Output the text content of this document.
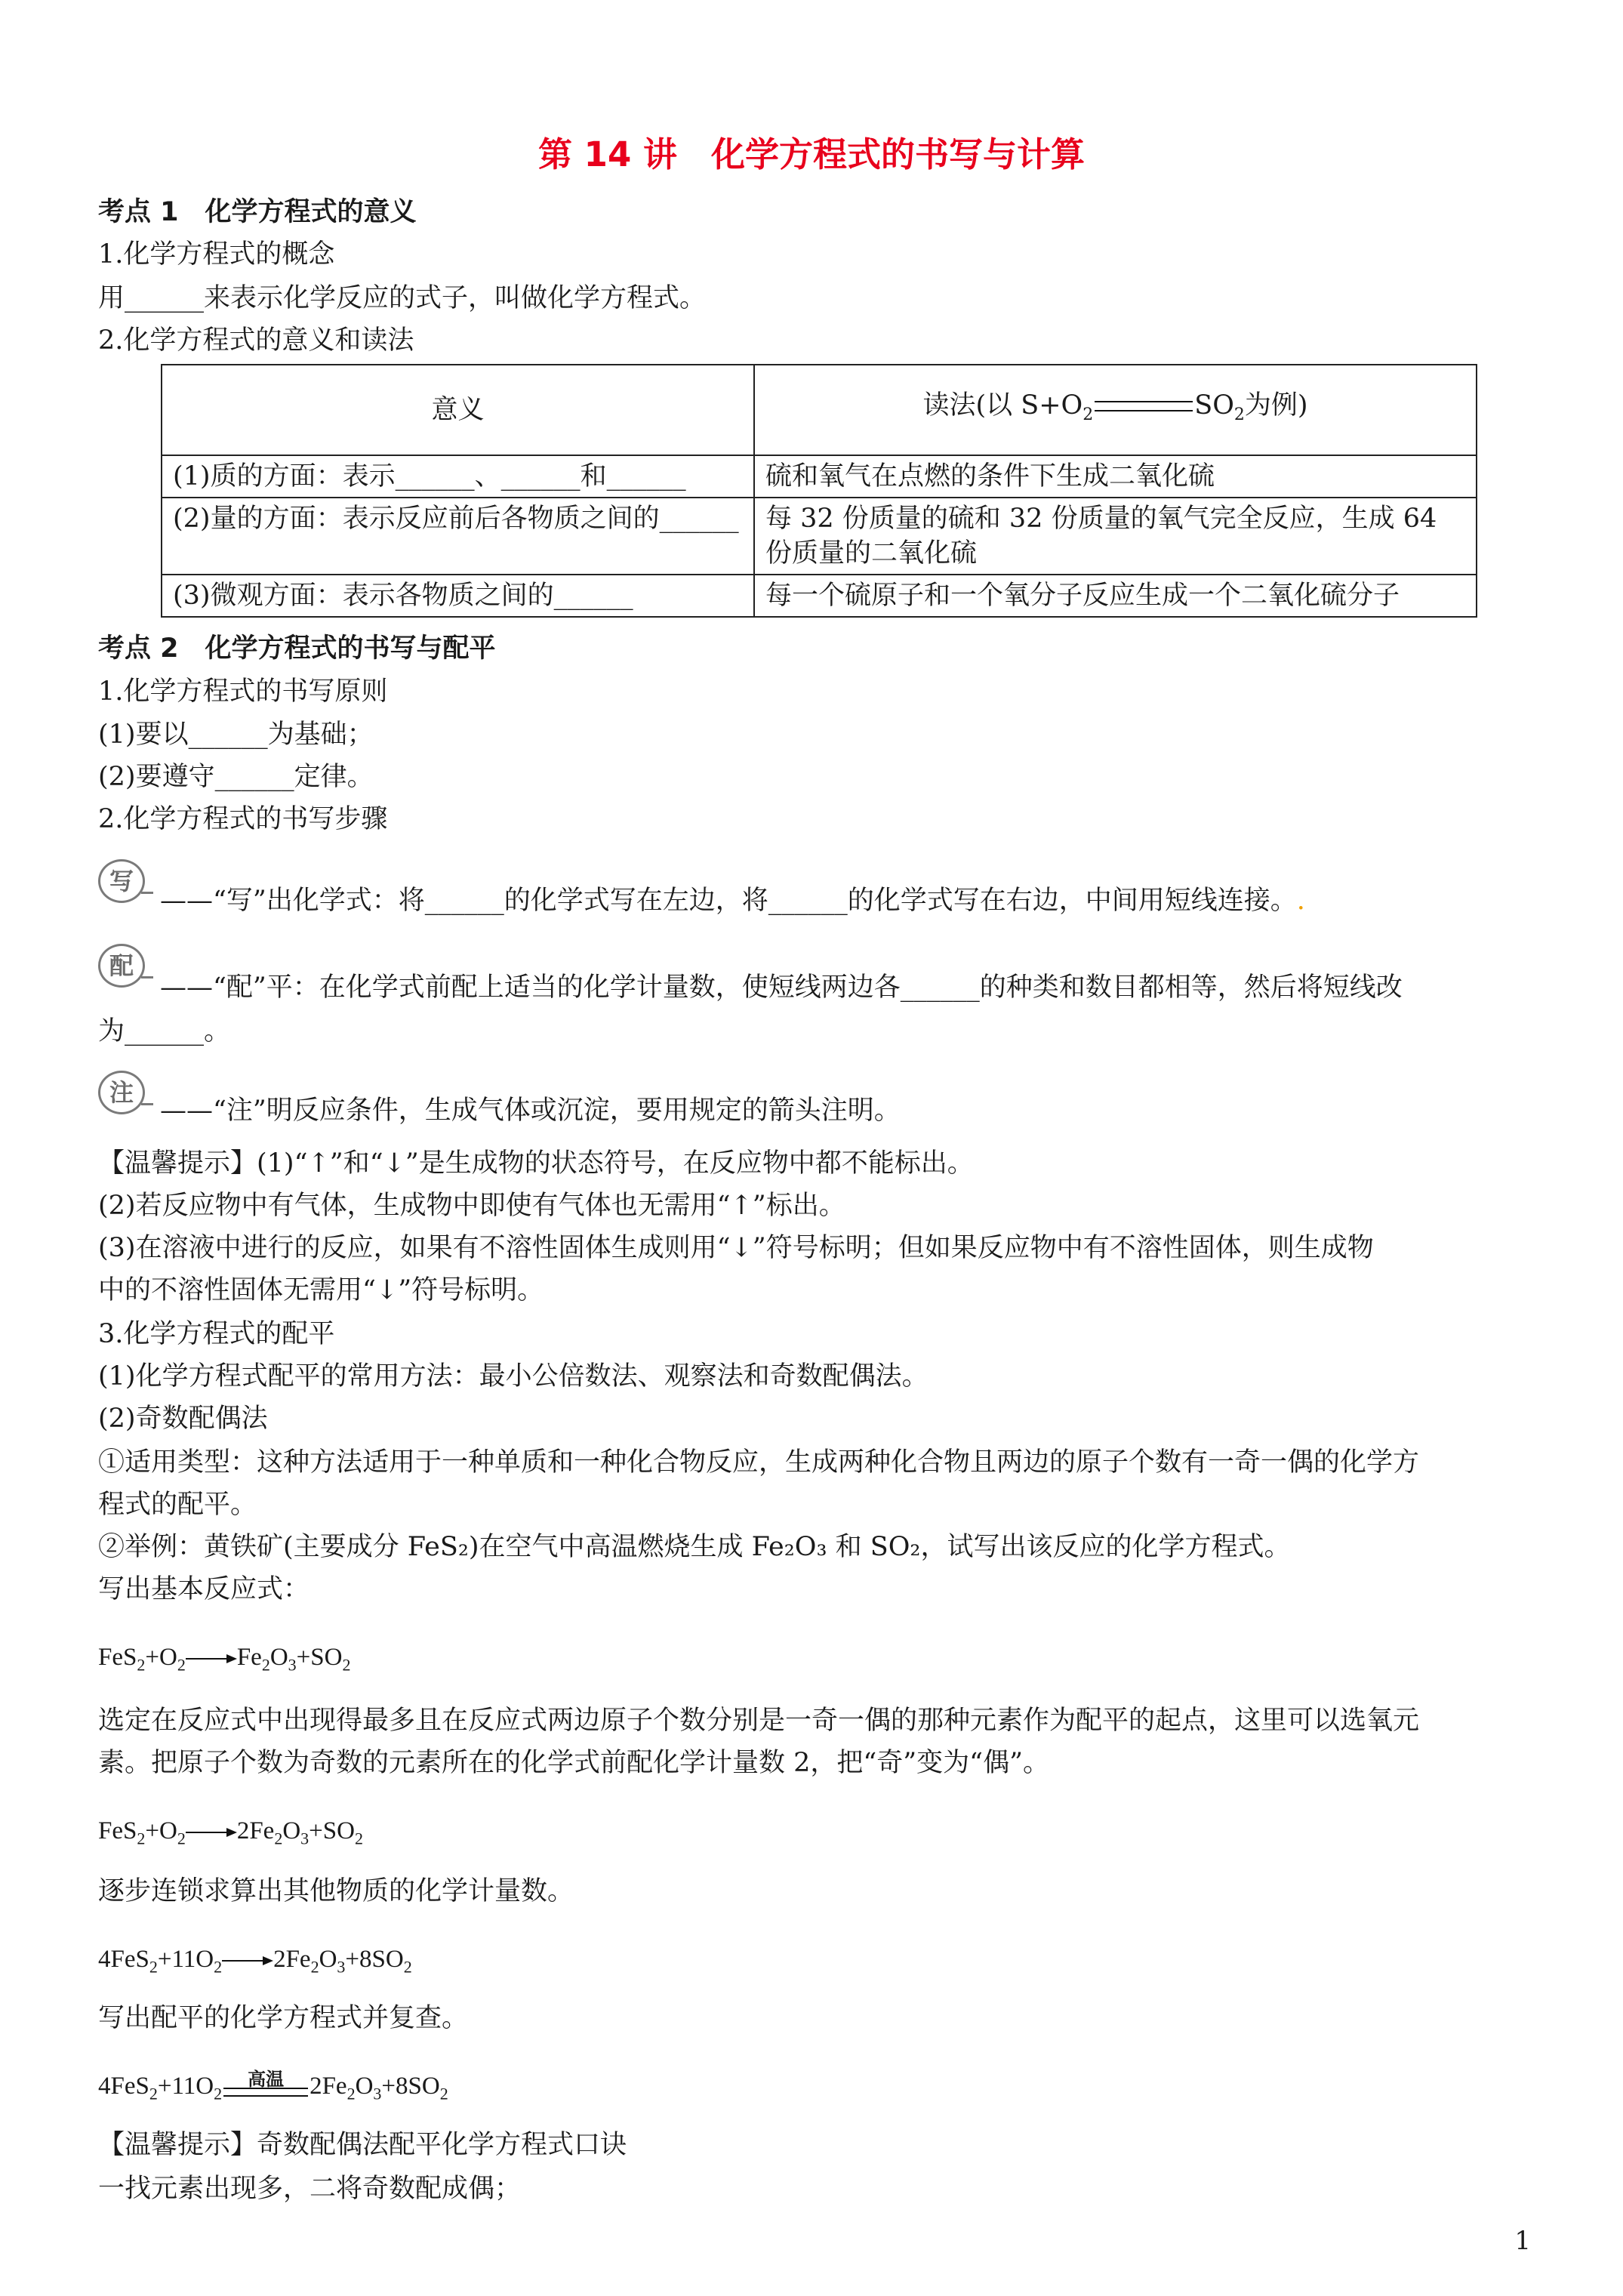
第 14 讲　化学方程式的书写与计算
考点 1　化学方程式的意义
1.化学方程式的概念
用______来表示化学反应的式子，叫做化学方程式。
2.化学方程式的意义和读法
意义	读法(以 $S+O_2$ $SO_2$为例)
(1)质的方面：表示______、______和______	硫和氧气在点燃的条件下生成二氧化硫
(2)量的方面：表示反应前后各物质之间的______	每 32 份质量的硫和 32 份质量的氧气完全反应，生成 64 份质量的二氧化硫
(3)微观方面：表示各物质之间的______	每一个硫原子和一个氧分子反应生成一个二氧化硫分子
考点 2　化学方程式的书写与配平
1.化学方程式的书写原则
(1)要以______为基础；
(2)要遵守______定律。
2.化学方程式的书写步骤
写
——“写”出化学式：将______的化学式写在左边，将______的化学式写在右边，中间用短线连接。.
配
——“配”平：在化学式前配上适当的化学计量数，使短线两边各______的种类和数目都相等，然后将短线改
为______。
注
——“注”明反应条件，生成气体或沉淀，要用规定的箭头注明。
【温馨提示】(1)“↑”和“↓”是生成物的状态符号，在反应物中都不能标出。
(2)若反应物中有气体，生成物中即使有气体也无需用“↑”标出。
(3)在溶液中进行的反应，如果有不溶性固体生成则用“↓”符号标明；但如果反应物中有不溶性固体，则生成物
中的不溶性固体无需用“↓”符号标明。
3.化学方程式的配平
(1)化学方程式配平的常用方法：最小公倍数法、观察法和奇数配偶法。
(2)奇数配偶法
①适用类型：这种方法适用于一种单质和一种化合物反应，生成两种化合物且两边的原子个数有一奇一偶的化学方
程式的配平。
②举例：黄铁矿(主要成分 FeS₂)在空气中高温燃烧生成 Fe₂O₃ 和 SO₂，试写出该反应的化学方程式。
写出基本反应式：
$FeS_2+O_2$ $Fe_2O_3+SO_2$
选定在反应式中出现得最多且在反应式两边原子个数分别是一奇一偶的那种元素作为配平的起点，这里可以选氧元
素。把原子个数为奇数的元素所在的化学式前配化学计量数 2，把“奇”变为“偶”。
$FeS_2+O_2$ $2Fe_2O_3+SO_2$
逐步连锁求算出其他物质的化学计量数。
$4FeS_2+11O_2$ $2Fe_2O_3+8SO_2$
写出配平的化学方程式并复查。
$4FeS_2+11O_2$
高温	$2Fe_2O_3+8SO_2$
【温馨提示】奇数配偶法配平化学方程式口诀
一找元素出现多，二将奇数配成偶；
1
